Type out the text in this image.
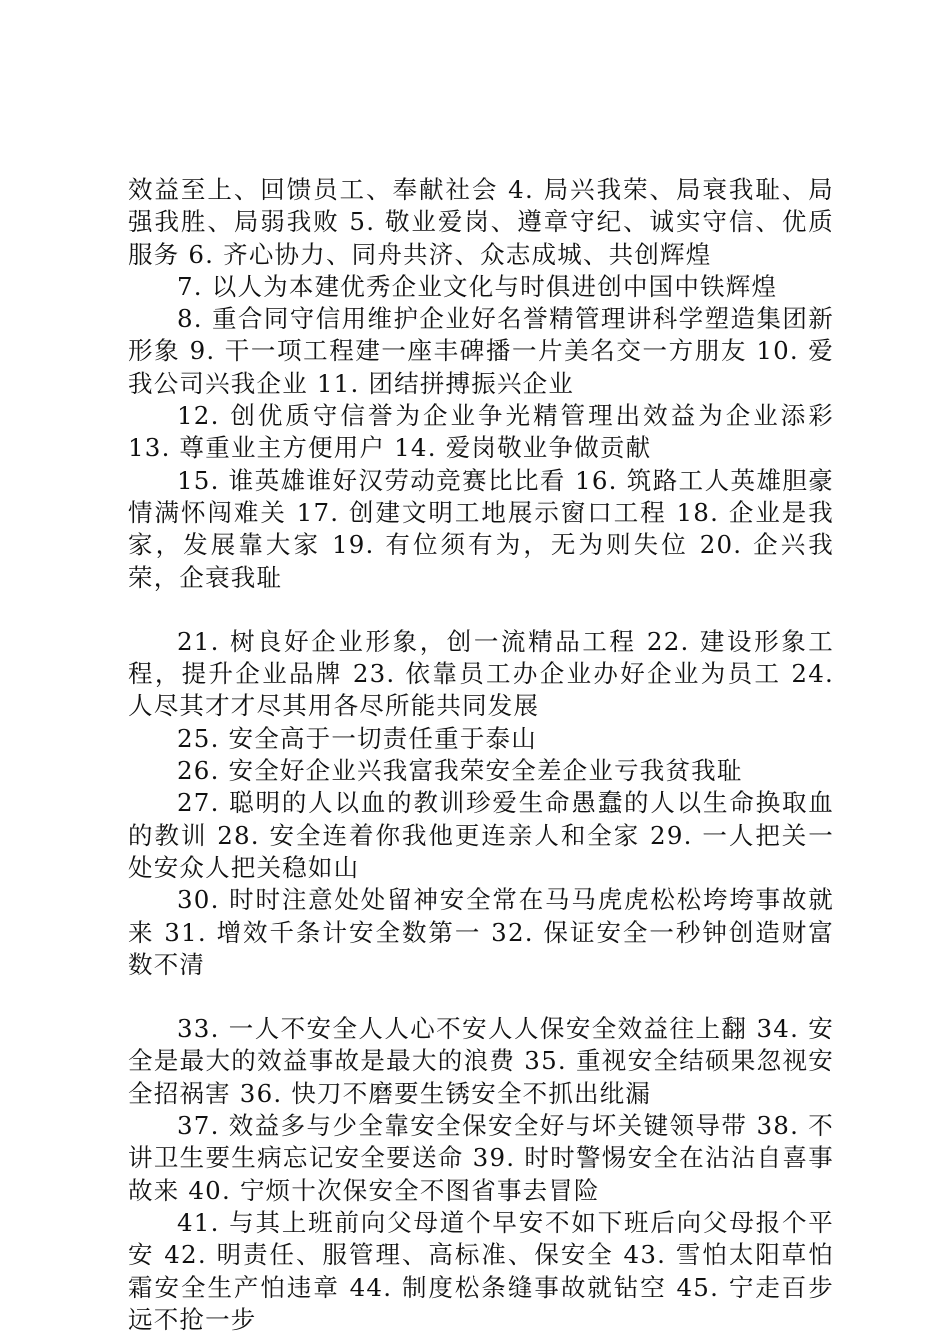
效益至上、回馈员工、奉献社会 4. 局兴我荣、局衰我耻、局强我胜、局弱我败 5. 敬业爱岗、遵章守纪、诚实守信、优质服务 6. 齐心协力、同舟共济、众志成城、共创辉煌

7. 以人为本建优秀企业文化与时俱进创中国中铁辉煌

8. 重合同守信用维护企业好名誉精管理讲科学塑造集团新形象 9. 干一项工程建一座丰碑播一片美名交一方朋友 10. 爱我公司兴我企业 11. 团结拼搏振兴企业

12. 创优质守信誉为企业争光精管理出效益为企业添彩 13. 尊重业主方便用户 14. 爱岗敬业争做贡献

15. 谁英雄谁好汉劳动竞赛比比看 16. 筑路工人英雄胆豪情满怀闯难关 17. 创建文明工地展示窗口工程 18. 企业是我家，发展靠大家 19. 有位须有为，无为则失位 20. 企兴我荣，企衰我耻

21. 树良好企业形象，创一流精品工程 22. 建设形象工程，提升企业品牌 23. 依靠员工办企业办好企业为员工 24. 人尽其才才尽其用各尽所能共同发展

25. 安全高于一切责任重于泰山

26. 安全好企业兴我富我荣安全差企业亏我贫我耻

27. 聪明的人以血的教训珍爱生命愚蠢的人以生命换取血的教训 28. 安全连着你我他更连亲人和全家 29. 一人把关一处安众人把关稳如山

30. 时时注意处处留神安全常在马马虎虎松松垮垮事故就来 31. 增效千条计安全数第一 32. 保证安全一秒钟创造财富数不清

33. 一人不安全人人心不安人人保安全效益往上翻 34. 安全是最大的效益事故是最大的浪费 35. 重视安全结硕果忽视安全招祸害 36. 快刀不磨要生锈安全不抓出纰漏

37. 效益多与少全靠安全保安全好与坏关键领导带 38. 不讲卫生要生病忘记安全要送命 39. 时时警惕安全在沾沾自喜事故来 40. 宁烦十次保安全不图省事去冒险

41. 与其上班前向父母道个早安不如下班后向父母报个平安 42. 明责任、服管理、高标准、保安全 43. 雪怕太阳草怕霜安全生产怕违章 44. 制度松条缝事故就钻空 45. 宁走百步远不抢一步
